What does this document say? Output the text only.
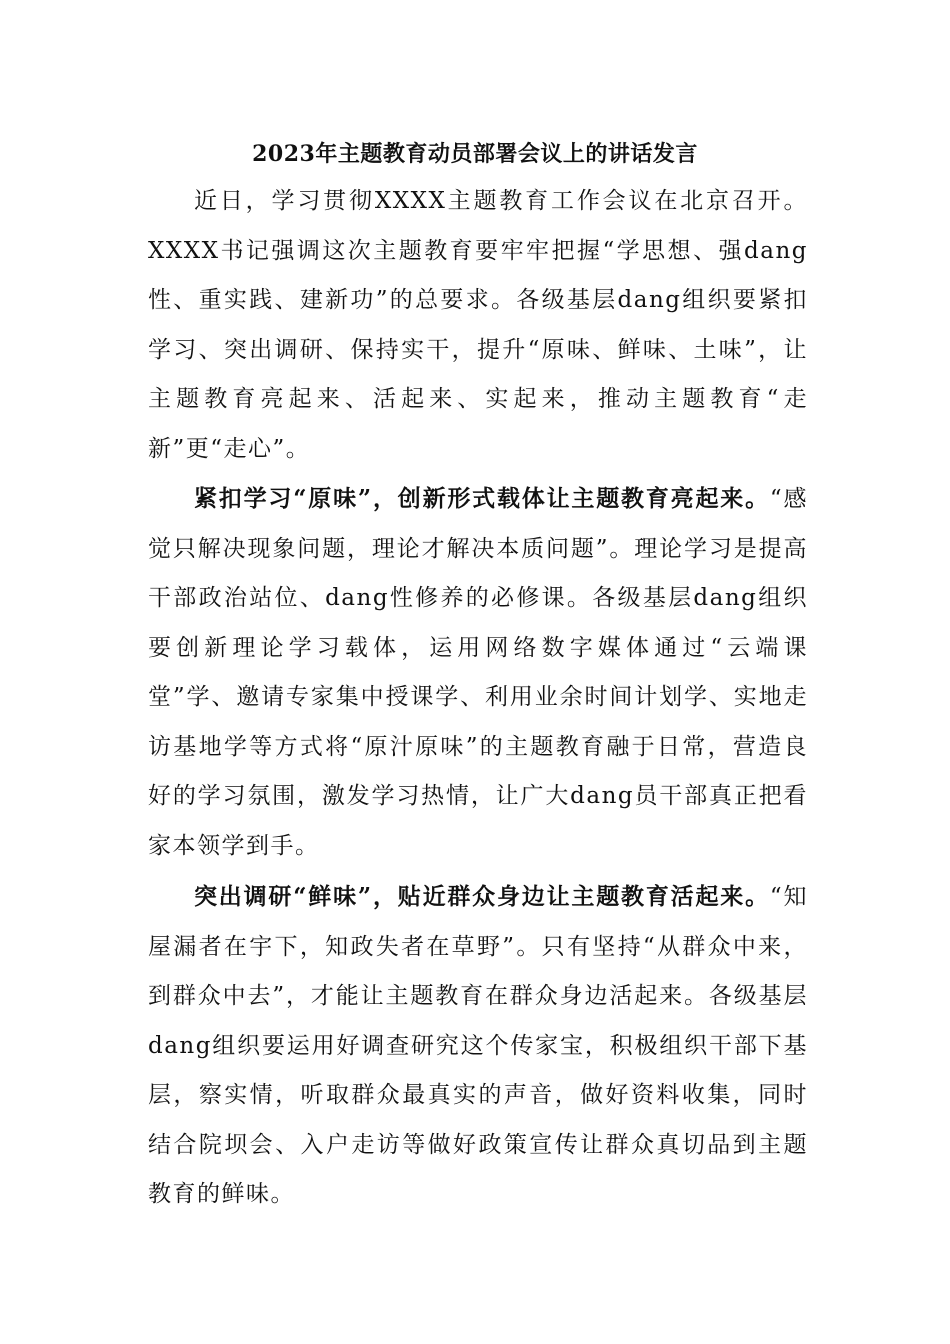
2023年主题教育动员部署会议上的讲话发言

近日，学习贯彻XXXX主题教育工作会议在北京召开。XXXX书记强调这次主题教育要牢牢把握“学思想、强dang性、重实践、建新功”的总要求。各级基层dang组织要紧扣学习、突出调研、保持实干，提升“原味、鲜味、土味”，让主题教育亮起来、活起来、实起来，推动主题教育“走新”更“走心”。

紧扣学习“原味”，创新形式载体让主题教育亮起来。“感觉只解决现象问题，理论才解决本质问题”。理论学习是提高干部政治站位、dang性修养的必修课。各级基层dang组织要创新理论学习载体，运用网络数字媒体通过“云端课堂”学、邀请专家集中授课学、利用业余时间计划学、实地走访基地学等方式将“原汁原味”的主题教育融于日常，营造良好的学习氛围，激发学习热情，让广大dang员干部真正把看家本领学到手。

突出调研“鲜味”，贴近群众身边让主题教育活起来。“知屋漏者在宇下，知政失者在草野”。只有坚持“从群众中来，到群众中去”，才能让主题教育在群众身边活起来。各级基层dang组织要运用好调查研究这个传家宝，积极组织干部下基层，察实情，听取群众最真实的声音，做好资料收集，同时结合院坝会、入户走访等做好政策宣传让群众真切品到主题教育的鲜味。
